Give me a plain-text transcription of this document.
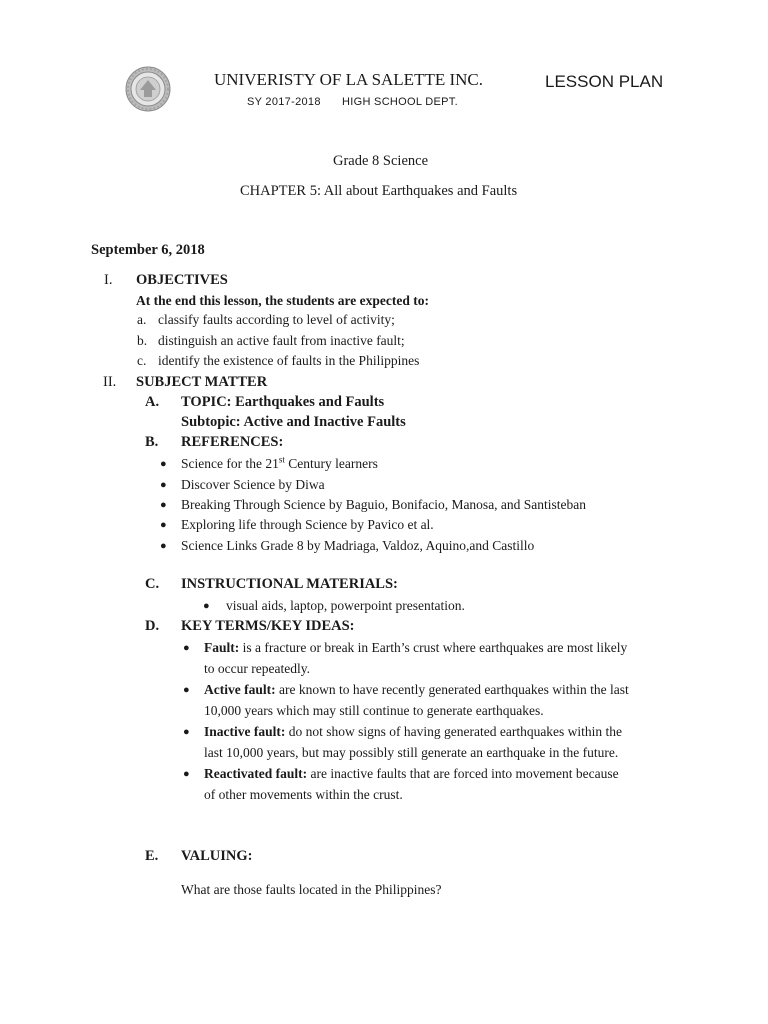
UNIVERISTY OF LA SALETTE INC.
SY 2017-2018 HIGH SCHOOL DEPT.
LESSON PLAN
Grade 8 Science
CHAPTER 5: All about Earthquakes and Faults
September 6, 2018
I. OBJECTIVES
At the end this lesson, the students are expected to:
a. classify faults according to level of activity;
b. distinguish an active fault from inactive fault;
c. identify the existence of faults in the Philippines
II. SUBJECT MATTER
A. TOPIC: Earthquakes and Faults
Subtopic: Active and Inactive Faults
B. REFERENCES:
● Science for the 21st Century learners
● Discover Science by Diwa
● Breaking Through Science by Baguio, Bonifacio, Manosa, and Santisteban
● Exploring life through Science by Pavico et al.
● Science Links Grade 8 by Madriaga, Valdoz, Aquino,and Castillo
C. INSTRUCTIONAL MATERIALS:
● visual aids, laptop, powerpoint presentation.
D. KEY TERMS/KEY IDEAS:
● Fault: is a fracture or break in Earth’s crust where earthquakes are most likely
to occur repeatedly.
● Active fault: are known to have recently generated earthquakes within the last
10,000 years which may still continue to generate earthquakes.
● Inactive fault: do not show signs of having generated earthquakes within the
last 10,000 years, but may possibly still generate an earthquake in the future.
● Reactivated fault: are inactive faults that are forced into movement because
of other movements within the crust.
E. VALUING:
What are those faults located in the Philippines?
